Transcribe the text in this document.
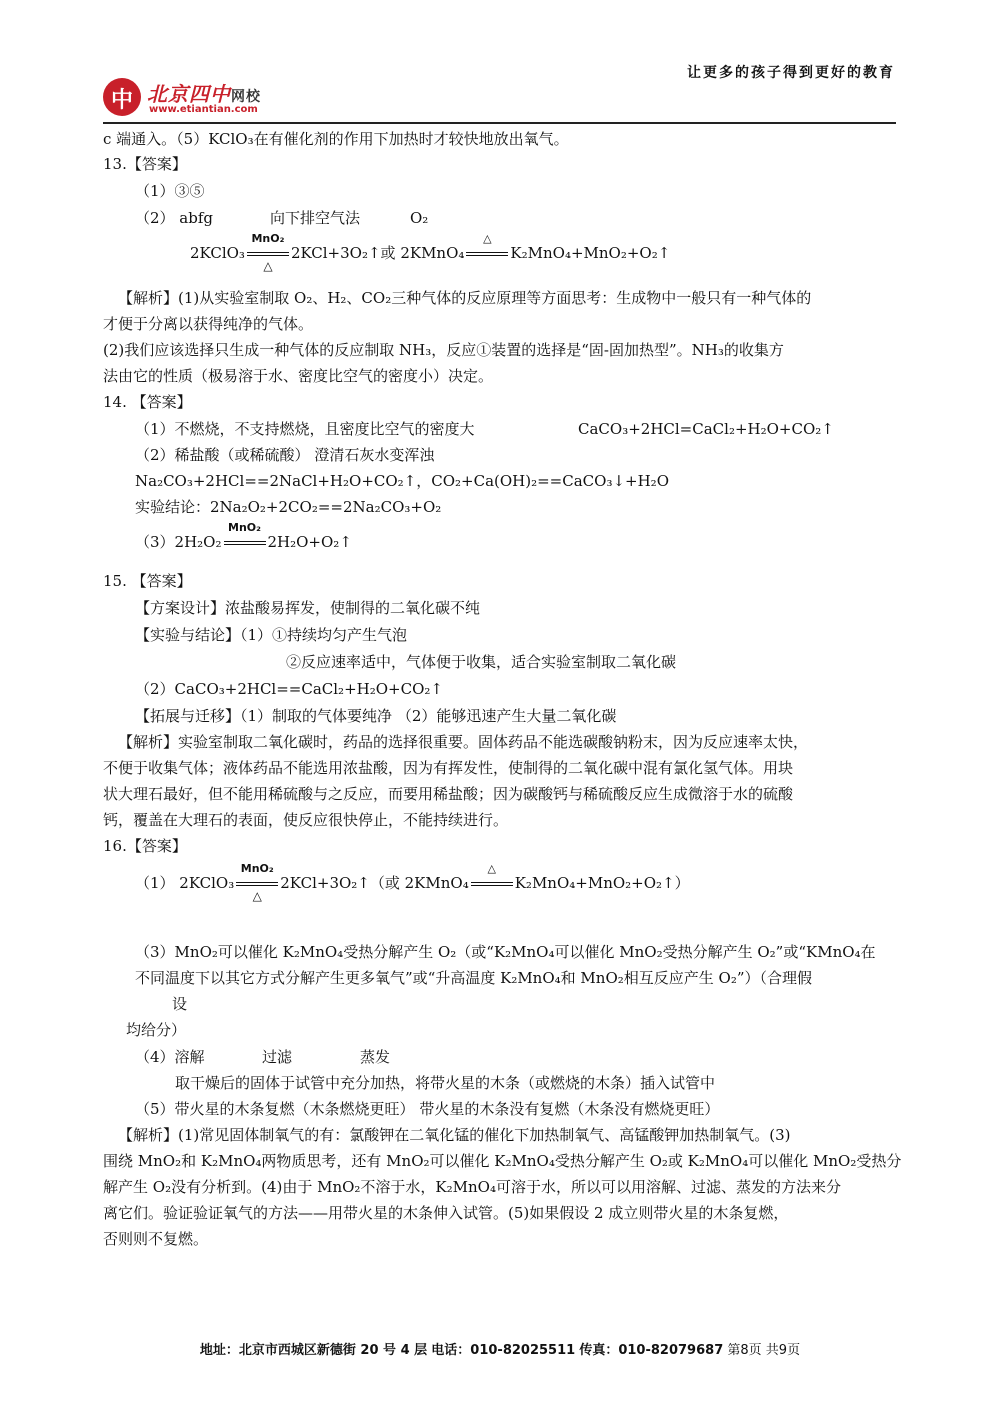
让更多的孩子得到更好的教育
中 北京四中网校
www.etiantian.com
c 端通入。（5）KClO₃在有催化剂的作用下加热时才较快地放出氧气。
13.【答案】
（1）③⑤
（2） abfg	向下排空气法	O₂
2KClO₃
MnO₂
△
2KCl+3O₂↑或 2KMnO₄
△
K₂MnO₄+MnO₂+O₂↑
【解析】(1)从实验室制取 O₂、H₂、CO₂三种气体的反应原理等方面思考：生成物中一般只有一种气体的
才便于分离以获得纯净的气体。
(2)我们应该选择只生成一种气体的反应制取 NH₃，反应①装置的选择是“固-固加热型”。NH₃的收集方
法由它的性质（极易溶于水、密度比空气的密度小）决定。
14. 【答案】
（1）不燃烧，不支持燃烧，且密度比空气的密度大	CaCO₃+2HCl=CaCl₂+H₂O+CO₂↑
（2）稀盐酸（或稀硫酸） 澄清石灰水变浑浊
Na₂CO₃+2HCl==2NaCl+H₂O+CO₂↑，CO₂+Ca(OH)₂==CaCO₃↓+H₂O
实验结论：2Na₂O₂+2CO₂==2Na₂CO₃+O₂
（3）2H₂O₂
MnO₂
2H₂O+O₂↑
15. 【答案】
【方案设计】浓盐酸易挥发，使制得的二氧化碳不纯
【实验与结论】（1）①持续均匀产生气泡
②反应速率适中，气体便于收集，适合实验室制取二氧化碳
（2）CaCO₃+2HCl==CaCl₂+H₂O+CO₂↑
【拓展与迁移】（1）制取的气体要纯净 （2）能够迅速产生大量二氧化碳
【解析】实验室制取二氧化碳时，药品的选择很重要。固体药品不能选碳酸钠粉末，因为反应速率太快，
不便于收集气体；液体药品不能选用浓盐酸，因为有挥发性，使制得的二氧化碳中混有氯化氢气体。用块
状大理石最好，但不能用稀硫酸与之反应，而要用稀盐酸；因为碳酸钙与稀硫酸反应生成微溶于水的硫酸
钙，覆盖在大理石的表面，使反应很快停止，不能持续进行。
16.【答案】
（1） 2KClO₃
MnO₂
△
2KCl+3O₂↑（或 2KMnO₄
△
K₂MnO₄+MnO₂+O₂↑）
（3）MnO₂可以催化 K₂MnO₄受热分解产生 O₂（或“K₂MnO₄可以催化 MnO₂受热分解产生 O₂”或“KMnO₄在
不同温度下以其它方式分解产生更多氧气”或“升高温度 K₂MnO₄和 MnO₂相互反应产生 O₂”）（合理假
设
均给分）
（4）溶解	过滤	蒸发
取干燥后的固体于试管中充分加热，将带火星的木条（或燃烧的木条）插入试管中
（5）带火星的木条复燃（木条燃烧更旺） 带火星的木条没有复燃（木条没有燃烧更旺）
【解析】(1)常见固体制氧气的有：氯酸钾在二氧化锰的催化下加热制氧气、高锰酸钾加热制氧气。(3)
围绕 MnO₂和 K₂MnO₄两物质思考，还有 MnO₂可以催化 K₂MnO₄受热分解产生 O₂或 K₂MnO₄可以催化 MnO₂受热分
解产生 O₂没有分析到。(4)由于 MnO₂不溶于水，K₂MnO₄可溶于水，所以可以用溶解、过滤、蒸发的方法来分
离它们。验证验证氧气的方法——用带火星的木条伸入试管。(5)如果假设 2 成立则带火星的木条复燃，
否则则不复燃。
地址：北京市西城区新德街 20 号 4 层 电话：010-82025511 传真：010-82079687 第8页 共9页
